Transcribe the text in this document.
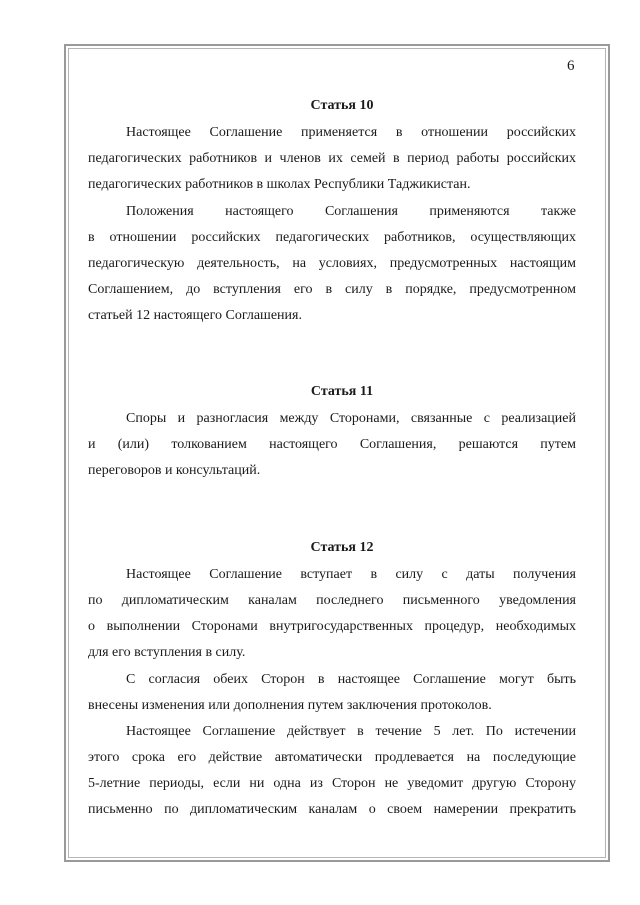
6
Статья 10
Настоящее Соглашение применяется в отношении российских
педагогических работников и членов их семей в период работы российских
педагогических работников в школах Республики Таджикистан.
Положения настоящего Соглашения применяются также
в отношении российских педагогических работников, осуществляющих
педагогическую деятельность, на условиях, предусмотренных настоящим
Соглашением, до вступления его в силу в порядке, предусмотренном
статьей 12 настоящего Соглашения.
Статья 11
Споры и разногласия между Сторонами, связанные с реализацией
и (или) толкованием настоящего Соглашения, решаются путем
переговоров и консультаций.
Статья 12
Настоящее Соглашение вступает в силу с даты получения
по дипломатическим каналам последнего письменного уведомления
о выполнении Сторонами внутригосударственных процедур, необходимых
для его вступления в силу.
С согласия обеих Сторон в настоящее Соглашение могут быть
внесены изменения или дополнения путем заключения протоколов.
Настоящее Соглашение действует в течение 5 лет. По истечении
этого срока его действие автоматически продлевается на последующие
5-летние периоды, если ни одна из Сторон не уведомит другую Сторону
письменно по дипломатическим каналам о своем намерении прекратить
